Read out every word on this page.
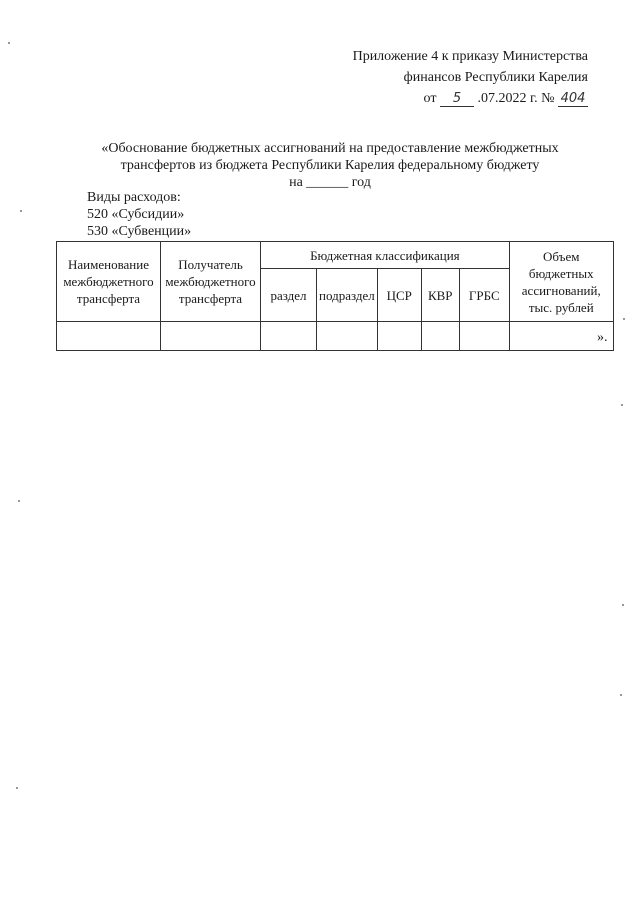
Приложение 4 к приказу Министерства
финансов Республики Карелия
от 5 .07.2022 г. № 404
«Обоснование бюджетных ассигнований на предоставление межбюджетных
трансфертов из бюджета Республики Карелия федеральному бюджету
на ______ год
Виды расходов:
520 «Субсидии»
530 «Субвенции»
Наименование межбюджетного трансферта	Получатель межбюджетного трансферта	Бюджетная классификация					Объем бюджетных ассигнований, тыс. рублей
		раздел	подраздел	ЦСР	КВР	ГРБС	

».
